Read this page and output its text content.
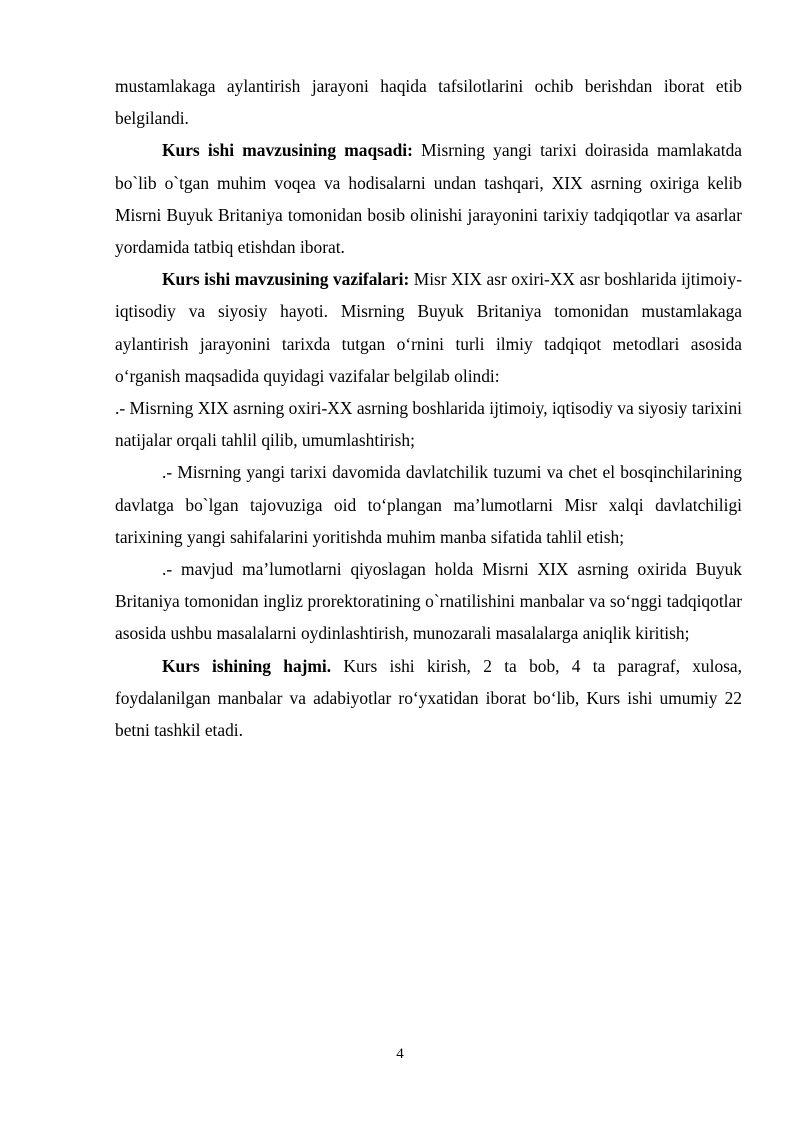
mustamlakaga aylantirish jarayoni haqida tafsilotlarini ochib berishdan iborat etib belgilandi.

Kurs ishi mavzusining maqsadi: Misrning yangi tarixi doirasida mamlakatda bo`lib o`tgan muhim voqea va hodisalarni undan tashqari, XIX asrning oxiriga kelib Misrni Buyuk Britaniya tomonidan bosib olinishi jarayonini tarixiy tadqiqotlar va asarlar yordamida tatbiq etishdan iborat.

Kurs ishi mavzusining vazifalari: Misr XIX asr oxiri-XX asr boshlarida ijtimoiy-iqtisodiy va siyosiy hayoti. Misrning Buyuk Britaniya tomonidan mustamlakaga aylantirish jarayonini tarixda tutgan o‘rnini turli ilmiy tadqiqot metodlari asosida o‘rganish maqsadida quyidagi vazifalar belgilab olindi:

.- Misrning XIX asrning oxiri-XX asrning boshlarida ijtimoiy, iqtisodiy va siyosiy tarixini natijalar orqali tahlil qilib, umumlashtirish;

.- Misrning yangi tarixi davomida davlatchilik tuzumi va chet el bosqinchilarining davlatga bo`lgan tajovuziga oid to‘plangan ma’lumotlarni Misr xalqi davlatchiligi tarixining yangi sahifalarini yoritishda muhim manba sifatida tahlil etish;

.- mavjud ma’lumotlarni qiyoslagan holda Misrni XIX asrning oxirida Buyuk Britaniya tomonidan ingliz prorektoratining o`rnatilishini manbalar va so‘nggi tadqiqotlar asosida ushbu masalalarni oydinlashtirish, munozarali masalalarga aniqlik kiritish;

Kurs ishining hajmi. Kurs ishi kirish, 2 ta bob, 4 ta paragraf, xulosa, foydalanilgan manbalar va adabiyotlar ro‘yxatidan iborat bo‘lib, Kurs ishi umumiy 22 betni tashkil etadi.

4
